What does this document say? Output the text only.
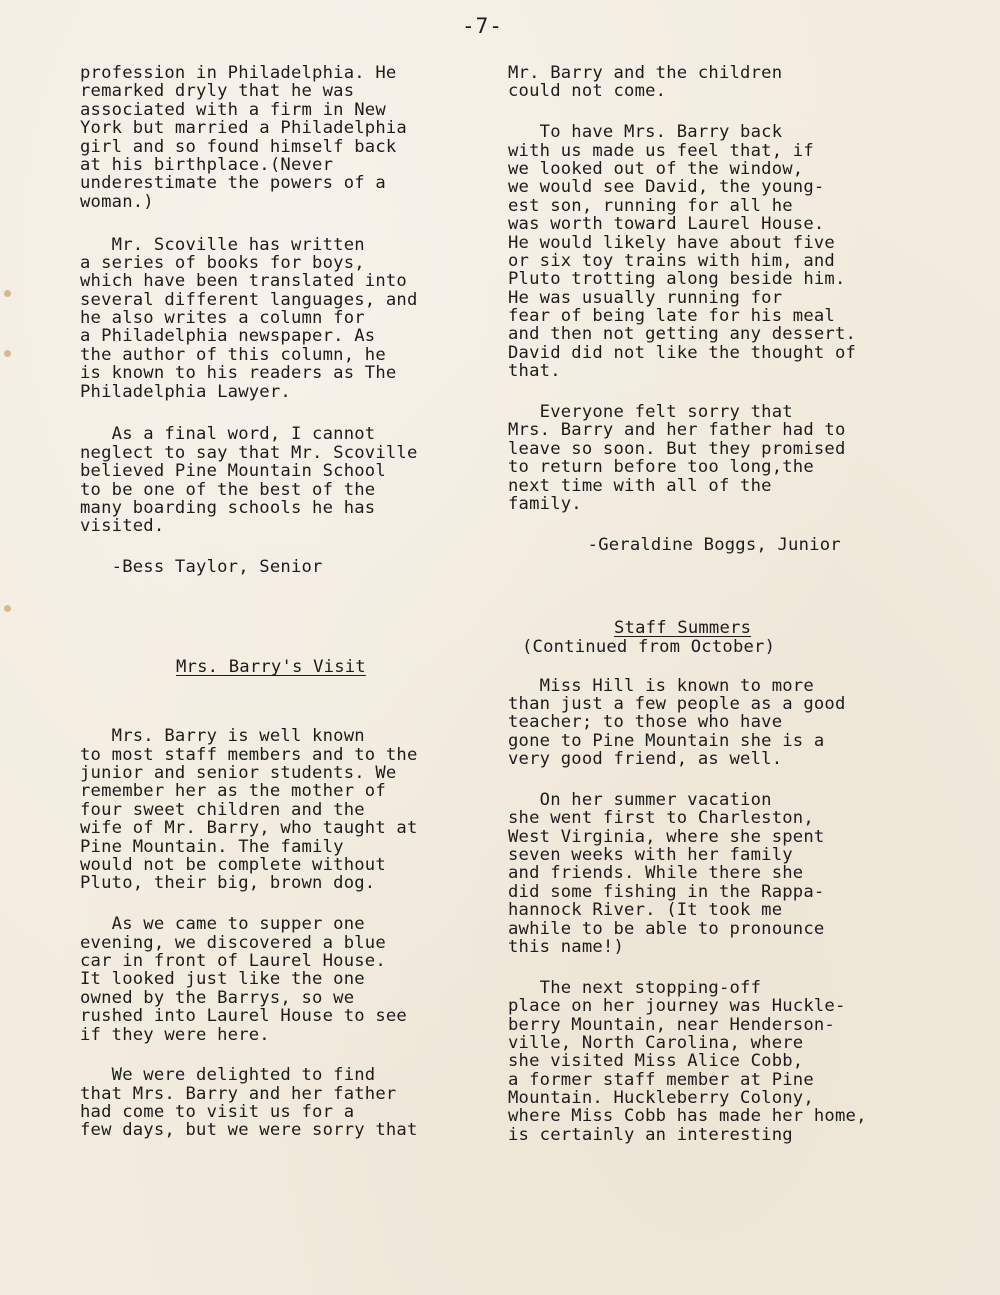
-7-
profession in Philadelphia. He
remarked dryly that he was
associated with a firm in New
York but married a Philadelphia
girl and so found himself back
at his birthplace.(Never
underestimate the powers of a
woman.)
Mr. Scoville has written
a series of books for boys,
which have been translated into
several different languages, and
he also writes a column for
a Philadelphia newspaper. As
the author of this column, he
is known to his readers as The
Philadelphia Lawyer.
As a final word, I cannot
neglect to say that Mr. Scoville
believed Pine Mountain School
to be one of the best of the
many boarding schools he has
visited.
-Bess Taylor, Senior
Mrs. Barry's Visit
Mrs. Barry is well known
to most staff members and to the
junior and senior students. We
remember her as the mother of
four sweet children and the
wife of Mr. Barry, who taught at
Pine Mountain. The family
would not be complete without
Pluto, their big, brown dog.
As we came to supper one
evening, we discovered a blue
car in front of Laurel House.
It looked just like the one
owned by the Barrys, so we
rushed into Laurel House to see
if they were here.
We were delighted to find
that Mrs. Barry and her father
had come to visit us for a
few days, but we were sorry that
Mr. Barry and the children
could not come.
To have Mrs. Barry back
with us made us feel that, if
we looked out of the window,
we would see David, the young-
est son, running for all he
was worth toward Laurel House.
He would likely have about five
or six toy trains with him, and
Pluto trotting along beside him.
He was usually running for
fear of being late for his meal
and then not getting any dessert.
David did not like the thought of
that.
Everyone felt sorry that
Mrs. Barry and her father had to
leave so soon. But they promised
to return before too long,the
next time with all of the
family.
-Geraldine Boggs, Junior
Staff Summers
(Continued from October)
Miss Hill is known to more
than just a few people as a good
teacher; to those who have
gone to Pine Mountain she is a
very good friend, as well.
On her summer vacation
she went first to Charleston,
West Virginia, where she spent
seven weeks with her family
and friends. While there she
did some fishing in the Rappa-
hannock River. (It took me
awhile to be able to pronounce
this name!)
The next stopping-off
place on her journey was Huckle-
berry Mountain, near Henderson-
ville, North Carolina, where
she visited Miss Alice Cobb,
a former staff member at Pine
Mountain. Huckleberry Colony,
where Miss Cobb has made her home,
is certainly an interesting
